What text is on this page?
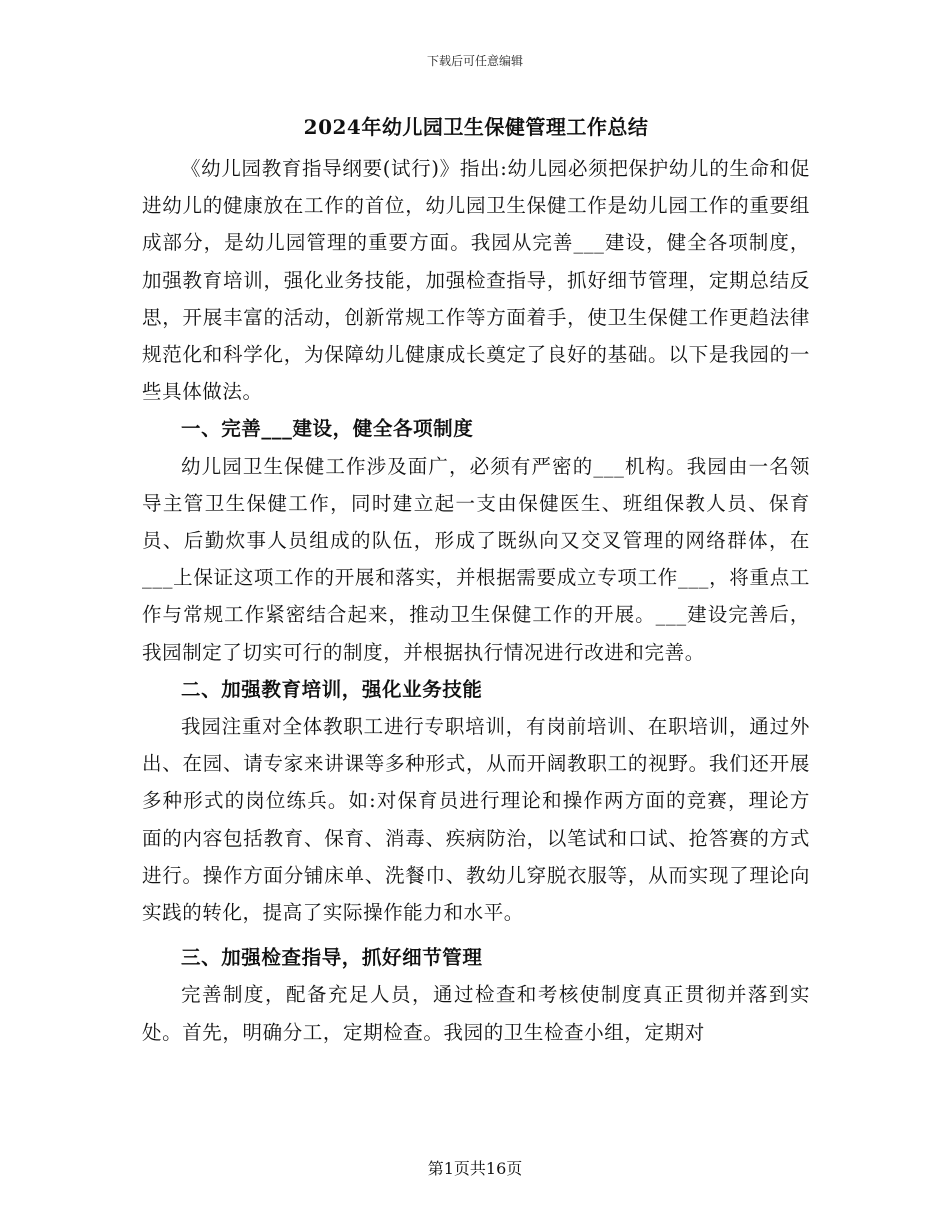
下载后可任意编辑
2024年幼儿园卫生保健管理工作总结

《幼儿园教育指导纲要(试行)》指出:幼儿园必须把保护幼儿的生命和促进幼儿的健康放在工作的首位，幼儿园卫生保健工作是幼儿园工作的重要组成部分，是幼儿园管理的重要方面。我园从完善___建设，健全各项制度，加强教育培训，强化业务技能，加强检查指导，抓好细节管理，定期总结反思，开展丰富的活动，创新常规工作等方面着手，使卫生保健工作更趋法律规范化和科学化，为保障幼儿健康成长奠定了良好的基础。以下是我园的一些具体做法。

一、完善___建设，健全各项制度

幼儿园卫生保健工作涉及面广，必须有严密的___机构。我园由一名领导主管卫生保健工作，同时建立起一支由保健医生、班组保教人员、保育员、后勤炊事人员组成的队伍，形成了既纵向又交叉管理的网络群体，在___上保证这项工作的开展和落实，并根据需要成立专项工作___，将重点工作与常规工作紧密结合起来，推动卫生保健工作的开展。___建设完善后，我园制定了切实可行的制度，并根据执行情况进行改进和完善。

二、加强教育培训，强化业务技能

我园注重对全体教职工进行专职培训，有岗前培训、在职培训，通过外出、在园、请专家来讲课等多种形式，从而开阔教职工的视野。我们还开展多种形式的岗位练兵。如:对保育员进行理论和操作两方面的竞赛，理论方面的内容包括教育、保育、消毒、疾病防治，以笔试和口试、抢答赛的方式进行。操作方面分铺床单、洗餐巾、教幼儿穿脱衣服等，从而实现了理论向实践的转化，提高了实际操作能力和水平。

三、加强检查指导，抓好细节管理

完善制度，配备充足人员，通过检查和考核使制度真正贯彻并落到实处。首先，明确分工，定期检查。我园的卫生检查小组，定期对

第1页共16页
